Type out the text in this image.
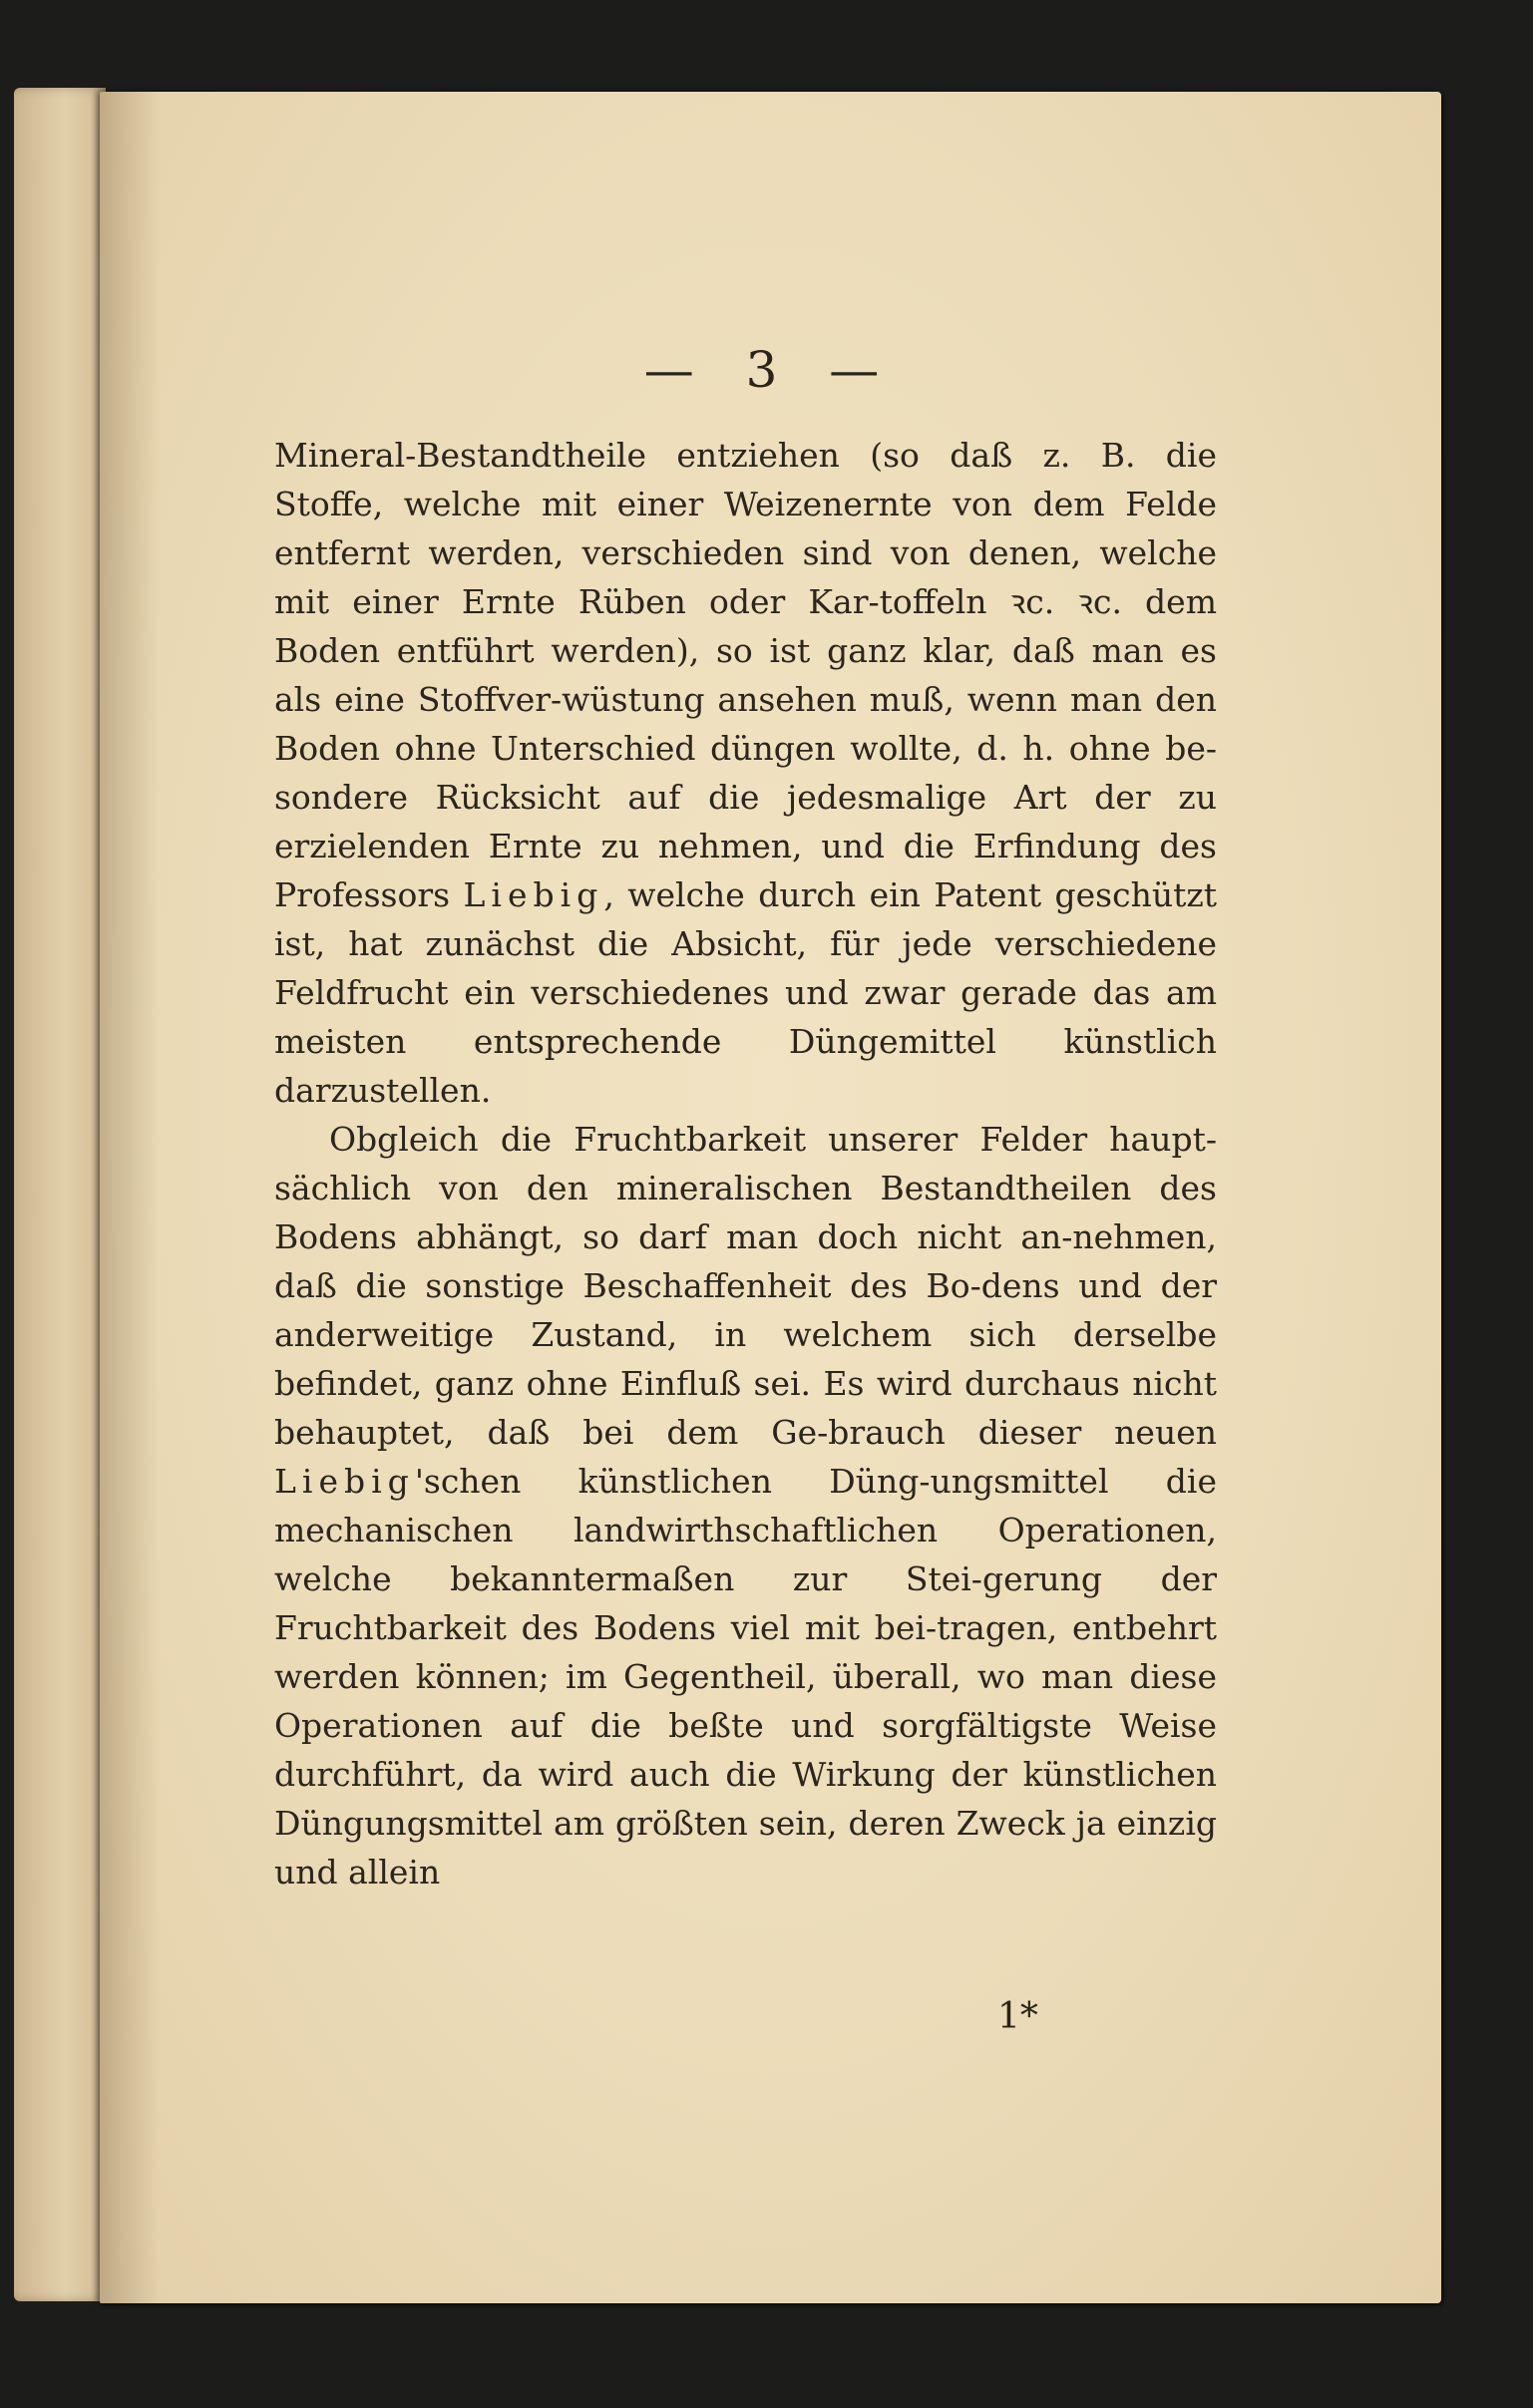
— 3 —

Mineral-Bestandtheile entziehen (so daß z. B. die Stoffe, welche mit einer Weizenernte von dem Felde entfernt werden, verschieden sind von denen, welche mit einer Ernte Rüben oder Kar-toffeln ꝛc. ꝛc. dem Boden entführt werden), so ist ganz klar, daß man es als eine Stoffver-wüstung ansehen muß, wenn man den Boden ohne Unterschied düngen wollte, d. h. ohne be-sondere Rücksicht auf die jedesmalige Art der zu erzielenden Ernte zu nehmen, und die Erfindung des Professors Liebig, welche durch ein Patent geschützt ist, hat zunächst die Absicht, für jede verschiedene Feldfrucht ein verschiedenes und zwar gerade das am meisten entsprechende Düngemittel künstlich darzustellen.

Obgleich die Fruchtbarkeit unserer Felder haupt-sächlich von den mineralischen Bestandtheilen des Bodens abhängt, so darf man doch nicht an-nehmen, daß die sonstige Beschaffenheit des Bo-dens und der anderweitige Zustand, in welchem sich derselbe befindet, ganz ohne Einfluß sei. Es wird durchaus nicht behauptet, daß bei dem Ge-brauch dieser neuen Liebig'schen künstlichen Düng-ungsmittel die mechanischen landwirthschaftlichen Operationen, welche bekanntermaßen zur Stei-gerung der Fruchtbarkeit des Bodens viel mit bei-tragen, entbehrt werden können; im Gegentheil, überall, wo man diese Operationen auf die beßte und sorgfältigste Weise durchführt, da wird auch die Wirkung der künstlichen Düngungsmittel am größten sein, deren Zweck ja einzig und allein

1*
